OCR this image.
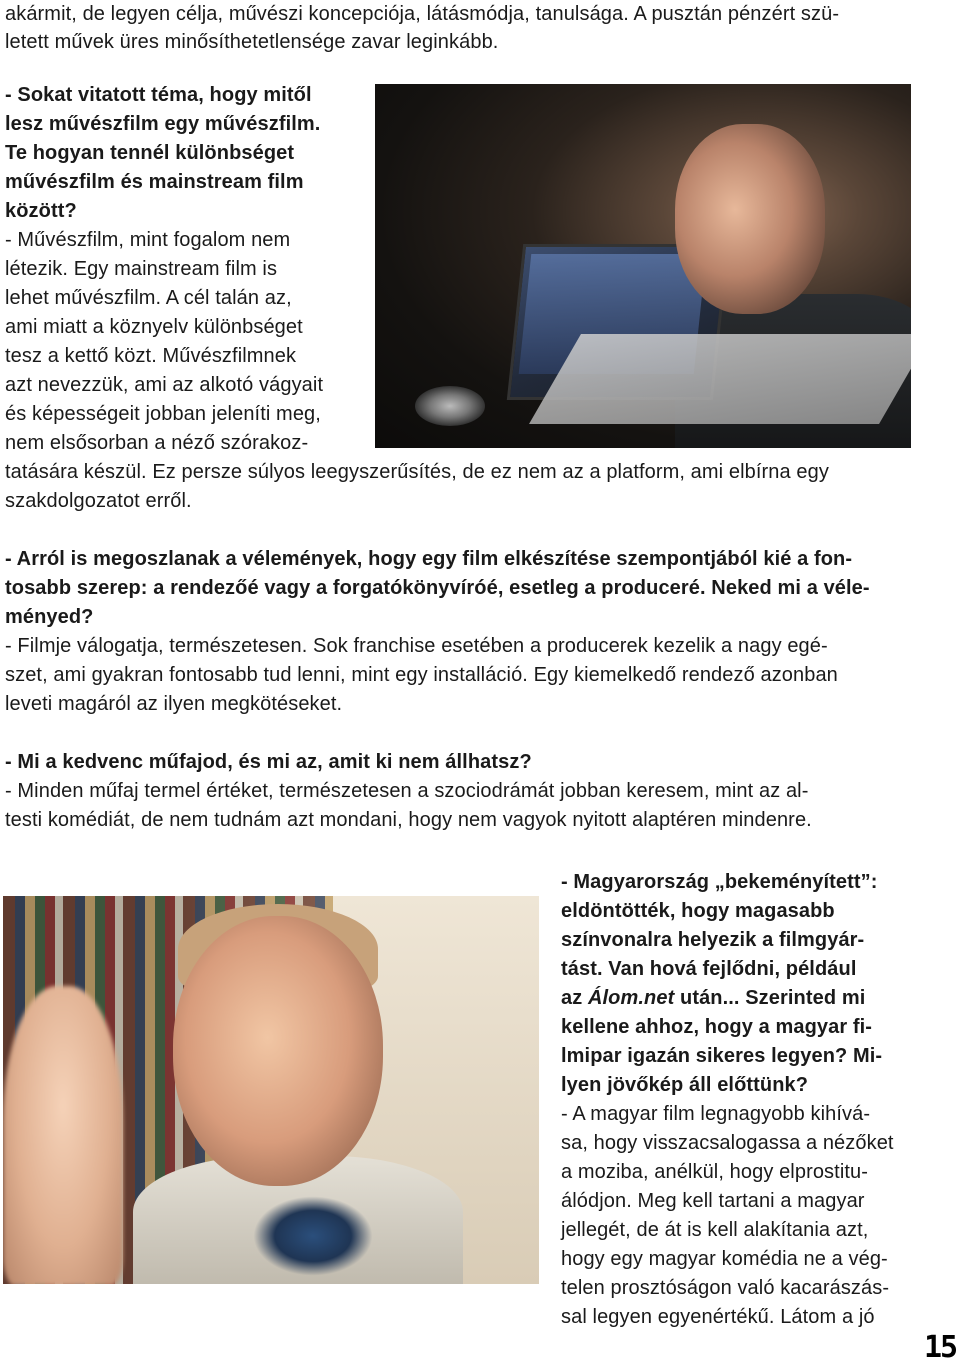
akármit, de legyen célja, művészi koncepciója, látásmódja, tanulsága. A pusztán pénzért szü-
letett művek üres minősíthetetlensége zavar leginkább.
- Sokat vitatott téma, hogy mitől
lesz művészfilm egy művészfilm.
Te hogyan tennél különbséget
művészfilm és mainstream film
között?
- Művészfilm, mint fogalom nem
létezik. Egy mainstream film is
lehet művészfilm. A cél talán az,
ami miatt a köznyelv különbséget
tesz a kettő közt. Művészfilmnek
azt nevezzük, ami az alkotó vágyait
és képességeit jobban jeleníti meg,
nem elsősorban a néző szórakoz-
tatására készül. Ez persze súlyos leegyszerűsítés, de ez nem az a platform, ami elbírna egy
szakdolgozatot erről.
- Arról is megoszlanak a vélemények, hogy egy film elkészítése szempontjából kié a fon-
tosabb szerep: a rendezőé vagy a forgatókönyvíróé, esetleg a produceré. Neked mi a véle-
ményed?
- Filmje válogatja, természetesen. Sok franchise esetében a producerek kezelik a nagy egé-
szet, ami gyakran fontosabb tud lenni, mint egy installáció. Egy kiemelkedő rendező azonban
leveti magáról az ilyen megkötéseket.
- Mi a kedvenc műfajod, és mi az, amit ki nem állhatsz?
- Minden műfaj termel értéket, természetesen a szociodrámát jobban keresem, mint az al-
testi komédiát, de nem tudnám azt mondani, hogy nem vagyok nyitott alaptéren mindenre.
- Magyarország „bekeményített”:
eldöntötték, hogy magasabb
színvonalra helyezik a filmgyár-
tást. Van hová fejlődni, például
az Álom.net után... Szerinted mi
kellene ahhoz, hogy a magyar fi-
lmipar igazán sikeres legyen? Mi-
lyen jövőkép áll előttünk?
- A magyar film legnagyobb kihívá-
sa, hogy visszacsalogassa a nézőket
a moziba, anélkül, hogy elprostitu-
álódjon. Meg kell tartani a magyar
jellegét, de át is kell alakítania azt,
hogy egy magyar komédia ne a vég-
telen prosztóságon való kacarászás-
sal legyen egyenértékű. Látom a jó
15
